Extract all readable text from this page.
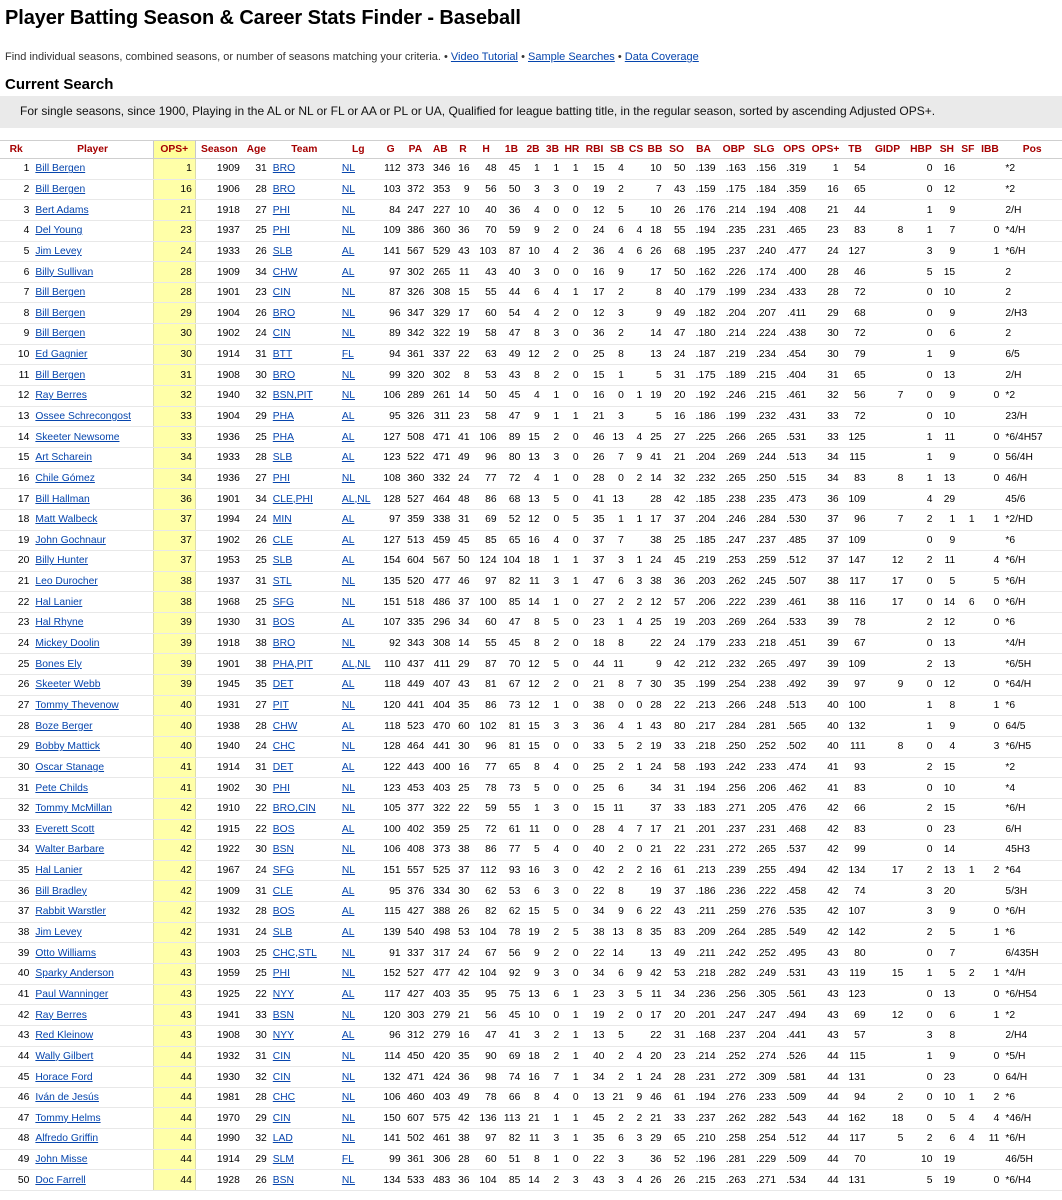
Player Batting Season & Career Stats Finder - Baseball
Find individual seasons, combined seasons, or number of seasons matching your criteria. • Video Tutorial • Sample Searches • Data Coverage
Current Search
For single seasons, since 1900, Playing in the AL or NL or FL or AA or PL or UA, Qualified for league batting title, in the regular season, sorted by ascending Adjusted OPS+.
Rk	Player	OPS+	Season	Age	Team	Lg	G	PA	AB	R	H	1B	2B	3B	HR	RBI	SB	CS	BB	SO	BA	OBP	SLG	OPS	OPS+	TB	GIDP	HBP	SH	SF	IBB	Pos
1	Bill Bergen	1	1909	31	BRO	NL	112	373	346	16	48	45	1	1	1	15	4		10	50	.139	.163	.156	.319	1	54		0	16			*2
2	Bill Bergen	16	1906	28	BRO	NL	103	372	353	9	56	50	3	3	0	19	2		7	43	.159	.175	.184	.359	16	65		0	12			*2
3	Bert Adams	21	1918	27	PHI	NL	84	247	227	10	40	36	4	0	0	12	5		10	26	.176	.214	.194	.408	21	44		1	9			2/H
4	Del Young	23	1937	25	PHI	NL	109	386	360	36	70	59	9	2	0	24	6	4	18	55	.194	.235	.231	.465	23	83	8	1	7		0	*4/H
5	Jim Levey	24	1933	26	SLB	AL	141	567	529	43	103	87	10	4	2	36	4	6	26	68	.195	.237	.240	.477	24	127		3	9		1	*6/H
6	Billy Sullivan	28	1909	34	CHW	AL	97	302	265	11	43	40	3	0	0	16	9		17	50	.162	.226	.174	.400	28	46		5	15			2
7	Bill Bergen	28	1901	23	CIN	NL	87	326	308	15	55	44	6	4	1	17	2		8	40	.179	.199	.234	.433	28	72		0	10			2
8	Bill Bergen	29	1904	26	BRO	NL	96	347	329	17	60	54	4	2	0	12	3		9	49	.182	.204	.207	.411	29	68		0	9			2/H3
9	Bill Bergen	30	1902	24	CIN	NL	89	342	322	19	58	47	8	3	0	36	2		14	47	.180	.214	.224	.438	30	72		0	6			2
10	Ed Gagnier	30	1914	31	BTT	FL	94	361	337	22	63	49	12	2	0	25	8		13	24	.187	.219	.234	.454	30	79		1	9			6/5
11	Bill Bergen	31	1908	30	BRO	NL	99	320	302	8	53	43	8	2	0	15	1		5	31	.175	.189	.215	.404	31	65		0	13			2/H
12	Ray Berres	32	1940	32	BSN,PIT	NL	106	289	261	14	50	45	4	1	0	16	0	1	19	20	.192	.246	.215	.461	32	56	7	0	9		0	*2
13	Ossee Schrecongost	33	1904	29	PHA	AL	95	326	311	23	58	47	9	1	1	21	3		5	16	.186	.199	.232	.431	33	72		0	10			23/H
14	Skeeter Newsome	33	1936	25	PHA	AL	127	508	471	41	106	89	15	2	0	46	13	4	25	27	.225	.266	.265	.531	33	125		1	11		0	*6/4H57
15	Art Scharein	34	1933	28	SLB	AL	123	522	471	49	96	80	13	3	0	26	7	9	41	21	.204	.269	.244	.513	34	115		1	9		0	56/4H
16	Chile Gómez	34	1936	27	PHI	NL	108	360	332	24	77	72	4	1	0	28	0	2	14	32	.232	.265	.250	.515	34	83	8	1	13		0	46/H
17	Bill Hallman	36	1901	34	CLE,PHI	AL,NL	128	527	464	48	86	68	13	5	0	41	13		28	42	.185	.238	.235	.473	36	109		4	29			45/6
18	Matt Walbeck	37	1994	24	MIN	AL	97	359	338	31	69	52	12	0	5	35	1	1	17	37	.204	.246	.284	.530	37	96	7	2	1	1	1	*2/HD
19	John Gochnaur	37	1902	26	CLE	AL	127	513	459	45	85	65	16	4	0	37	7		38	25	.185	.247	.237	.485	37	109		0	9			*6
20	Billy Hunter	37	1953	25	SLB	AL	154	604	567	50	124	104	18	1	1	37	3	1	24	45	.219	.253	.259	.512	37	147	12	2	11		4	*6/H
21	Leo Durocher	38	1937	31	STL	NL	135	520	477	46	97	82	11	3	1	47	6	3	38	36	.203	.262	.245	.507	38	117	17	0	5		5	*6/H
22	Hal Lanier	38	1968	25	SFG	NL	151	518	486	37	100	85	14	1	0	27	2	2	12	57	.206	.222	.239	.461	38	116	17	0	14	6	0	*6/H
23	Hal Rhyne	39	1930	31	BOS	AL	107	335	296	34	60	47	8	5	0	23	1	4	25	19	.203	.269	.264	.533	39	78		2	12		0	*6
24	Mickey Doolin	39	1918	38	BRO	NL	92	343	308	14	55	45	8	2	0	18	8		22	24	.179	.233	.218	.451	39	67		0	13			*4/H
25	Bones Ely	39	1901	38	PHA,PIT	AL,NL	110	437	411	29	87	70	12	5	0	44	11		9	42	.212	.232	.265	.497	39	109		2	13			*6/5H
26	Skeeter Webb	39	1945	35	DET	AL	118	449	407	43	81	67	12	2	0	21	8	7	30	35	.199	.254	.238	.492	39	97	9	0	12		0	*64/H
27	Tommy Thevenow	40	1931	27	PIT	NL	120	441	404	35	86	73	12	1	0	38	0	0	28	22	.213	.266	.248	.513	40	100		1	8		1	*6
28	Boze Berger	40	1938	28	CHW	AL	118	523	470	60	102	81	15	3	3	36	4	1	43	80	.217	.284	.281	.565	40	132		1	9		0	64/5
29	Bobby Mattick	40	1940	24	CHC	NL	128	464	441	30	96	81	15	0	0	33	5	2	19	33	.218	.250	.252	.502	40	111	8	0	4		3	*6/H5
30	Oscar Stanage	41	1914	31	DET	AL	122	443	400	16	77	65	8	4	0	25	2	1	24	58	.193	.242	.233	.474	41	93		2	15			*2
31	Pete Childs	41	1902	30	PHI	NL	123	453	403	25	78	73	5	0	0	25	6		34	31	.194	.256	.206	.462	41	83		0	10			*4
32	Tommy McMillan	42	1910	22	BRO,CIN	NL	105	377	322	22	59	55	1	3	0	15	11		37	33	.183	.271	.205	.476	42	66		2	15			*6/H
33	Everett Scott	42	1915	22	BOS	AL	100	402	359	25	72	61	11	0	0	28	4	7	17	21	.201	.237	.231	.468	42	83		0	23			6/H
34	Walter Barbare	42	1922	30	BSN	NL	106	408	373	38	86	77	5	4	0	40	2	0	21	22	.231	.272	.265	.537	42	99		0	14			45H3
35	Hal Lanier	42	1967	24	SFG	NL	151	557	525	37	112	93	16	3	0	42	2	2	16	61	.213	.239	.255	.494	42	134	17	2	13	1	2	*64
36	Bill Bradley	42	1909	31	CLE	AL	95	376	334	30	62	53	6	3	0	22	8		19	37	.186	.236	.222	.458	42	74		3	20			5/3H
37	Rabbit Warstler	42	1932	28	BOS	AL	115	427	388	26	82	62	15	5	0	34	9	6	22	43	.211	.259	.276	.535	42	107		3	9		0	*6/H
38	Jim Levey	42	1931	24	SLB	AL	139	540	498	53	104	78	19	2	5	38	13	8	35	83	.209	.264	.285	.549	42	142		2	5		1	*6
39	Otto Williams	43	1903	25	CHC,STL	NL	91	337	317	24	67	56	9	2	0	22	14		13	49	.211	.242	.252	.495	43	80		0	7			6/435H
40	Sparky Anderson	43	1959	25	PHI	NL	152	527	477	42	104	92	9	3	0	34	6	9	42	53	.218	.282	.249	.531	43	119	15	1	5	2	1	*4/H
41	Paul Wanninger	43	1925	22	NYY	AL	117	427	403	35	95	75	13	6	1	23	3	5	11	34	.236	.256	.305	.561	43	123		0	13		0	*6/H54
42	Ray Berres	43	1941	33	BSN	NL	120	303	279	21	56	45	10	0	1	19	2	0	17	20	.201	.247	.247	.494	43	69	12	0	6		1	*2
43	Red Kleinow	43	1908	30	NYY	AL	96	312	279	16	47	41	3	2	1	13	5		22	31	.168	.237	.204	.441	43	57		3	8			2/H4
44	Wally Gilbert	44	1932	31	CIN	NL	114	450	420	35	90	69	18	2	1	40	2	4	20	23	.214	.252	.274	.526	44	115		1	9		0	*5/H
45	Horace Ford	44	1930	32	CIN	NL	132	471	424	36	98	74	16	7	1	34	2	1	24	28	.231	.272	.309	.581	44	131		0	23		0	64/H
46	Iván de Jesús	44	1981	28	CHC	NL	106	460	403	49	78	66	8	4	0	13	21	9	46	61	.194	.276	.233	.509	44	94	2	0	10	1	2	*6
47	Tommy Helms	44	1970	29	CIN	NL	150	607	575	42	136	113	21	1	1	45	2	2	21	33	.237	.262	.282	.543	44	162	18	0	5	4	4	*46/H
48	Alfredo Griffin	44	1990	32	LAD	NL	141	502	461	38	97	82	11	3	1	35	6	3	29	65	.210	.258	.254	.512	44	117	5	2	6	4	11	*6/H
49	John Misse	44	1914	29	SLM	FL	99	361	306	28	60	51	8	1	0	22	3		36	52	.196	.281	.229	.509	44	70		10	19			46/5H
50	Doc Farrell	44	1928	26	BSN	NL	134	533	483	36	104	85	14	2	3	43	3	4	26	26	.215	.263	.271	.534	44	131		5	19		0	*6/H4
